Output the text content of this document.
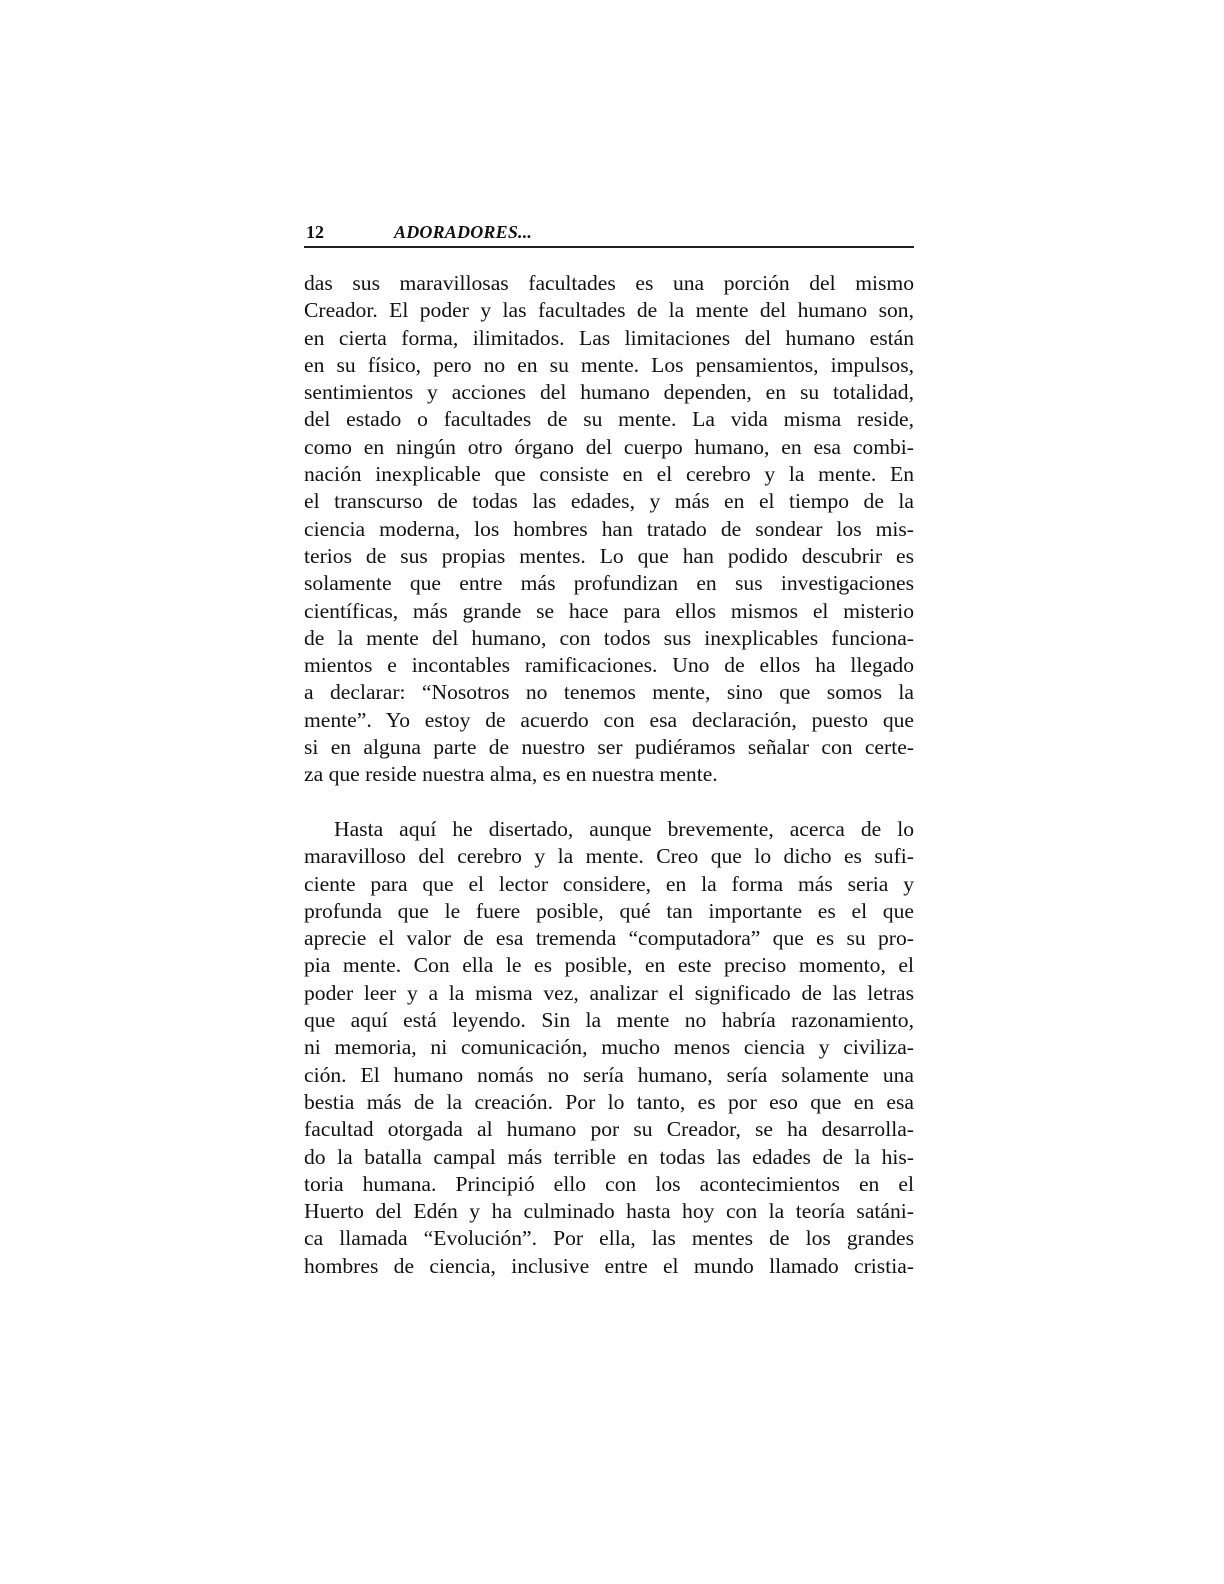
12	ADORADORES...
das sus maravillosas facultades es una porción del mismo
Creador. El poder y las facultades de la mente del humano son,
en cierta forma, ilimitados. Las limitaciones del humano están
en su físico, pero no en su mente. Los pensamientos, impulsos,
sentimientos y acciones del humano dependen, en su totalidad,
del estado o facultades de su mente. La vida misma reside,
como en ningún otro órgano del cuerpo humano, en esa combi-
nación inexplicable que consiste en el cerebro y la mente. En
el transcurso de todas las edades, y más en el tiempo de la
ciencia moderna, los hombres han tratado de sondear los mis-
terios de sus propias mentes. Lo que han podido descubrir es
solamente que entre más profundizan en sus investigaciones
científicas, más grande se hace para ellos mismos el misterio
de la mente del humano, con todos sus inexplicables funciona-
mientos e incontables ramificaciones. Uno de ellos ha llegado
a declarar: “Nosotros no tenemos mente, sino que somos la
mente”. Yo estoy de acuerdo con esa declaración, puesto que
si en alguna parte de nuestro ser pudiéramos señalar con certe-
za que reside nuestra alma, es en nuestra mente.
Hasta aquí he disertado, aunque brevemente, acerca de lo
maravilloso del cerebro y la mente. Creo que lo dicho es sufi-
ciente para que el lector considere, en la forma más seria y
profunda que le fuere posible, qué tan importante es el que
aprecie el valor de esa tremenda “computadora” que es su pro-
pia mente. Con ella le es posible, en este preciso momento, el
poder leer y a la misma vez, analizar el significado de las letras
que aquí está leyendo. Sin la mente no habría razonamiento,
ni memoria, ni comunicación, mucho menos ciencia y civiliza-
ción. El humano nomás no sería humano, sería solamente una
bestia más de la creación. Por lo tanto, es por eso que en esa
facultad otorgada al humano por su Creador, se ha desarrolla-
do la batalla campal más terrible en todas las edades de la his-
toria humana. Principió ello con los acontecimientos en el
Huerto del Edén y ha culminado hasta hoy con la teoría satáni-
ca llamada “Evolución”. Por ella, las mentes de los grandes
hombres de ciencia, inclusive entre el mundo llamado cristia-
